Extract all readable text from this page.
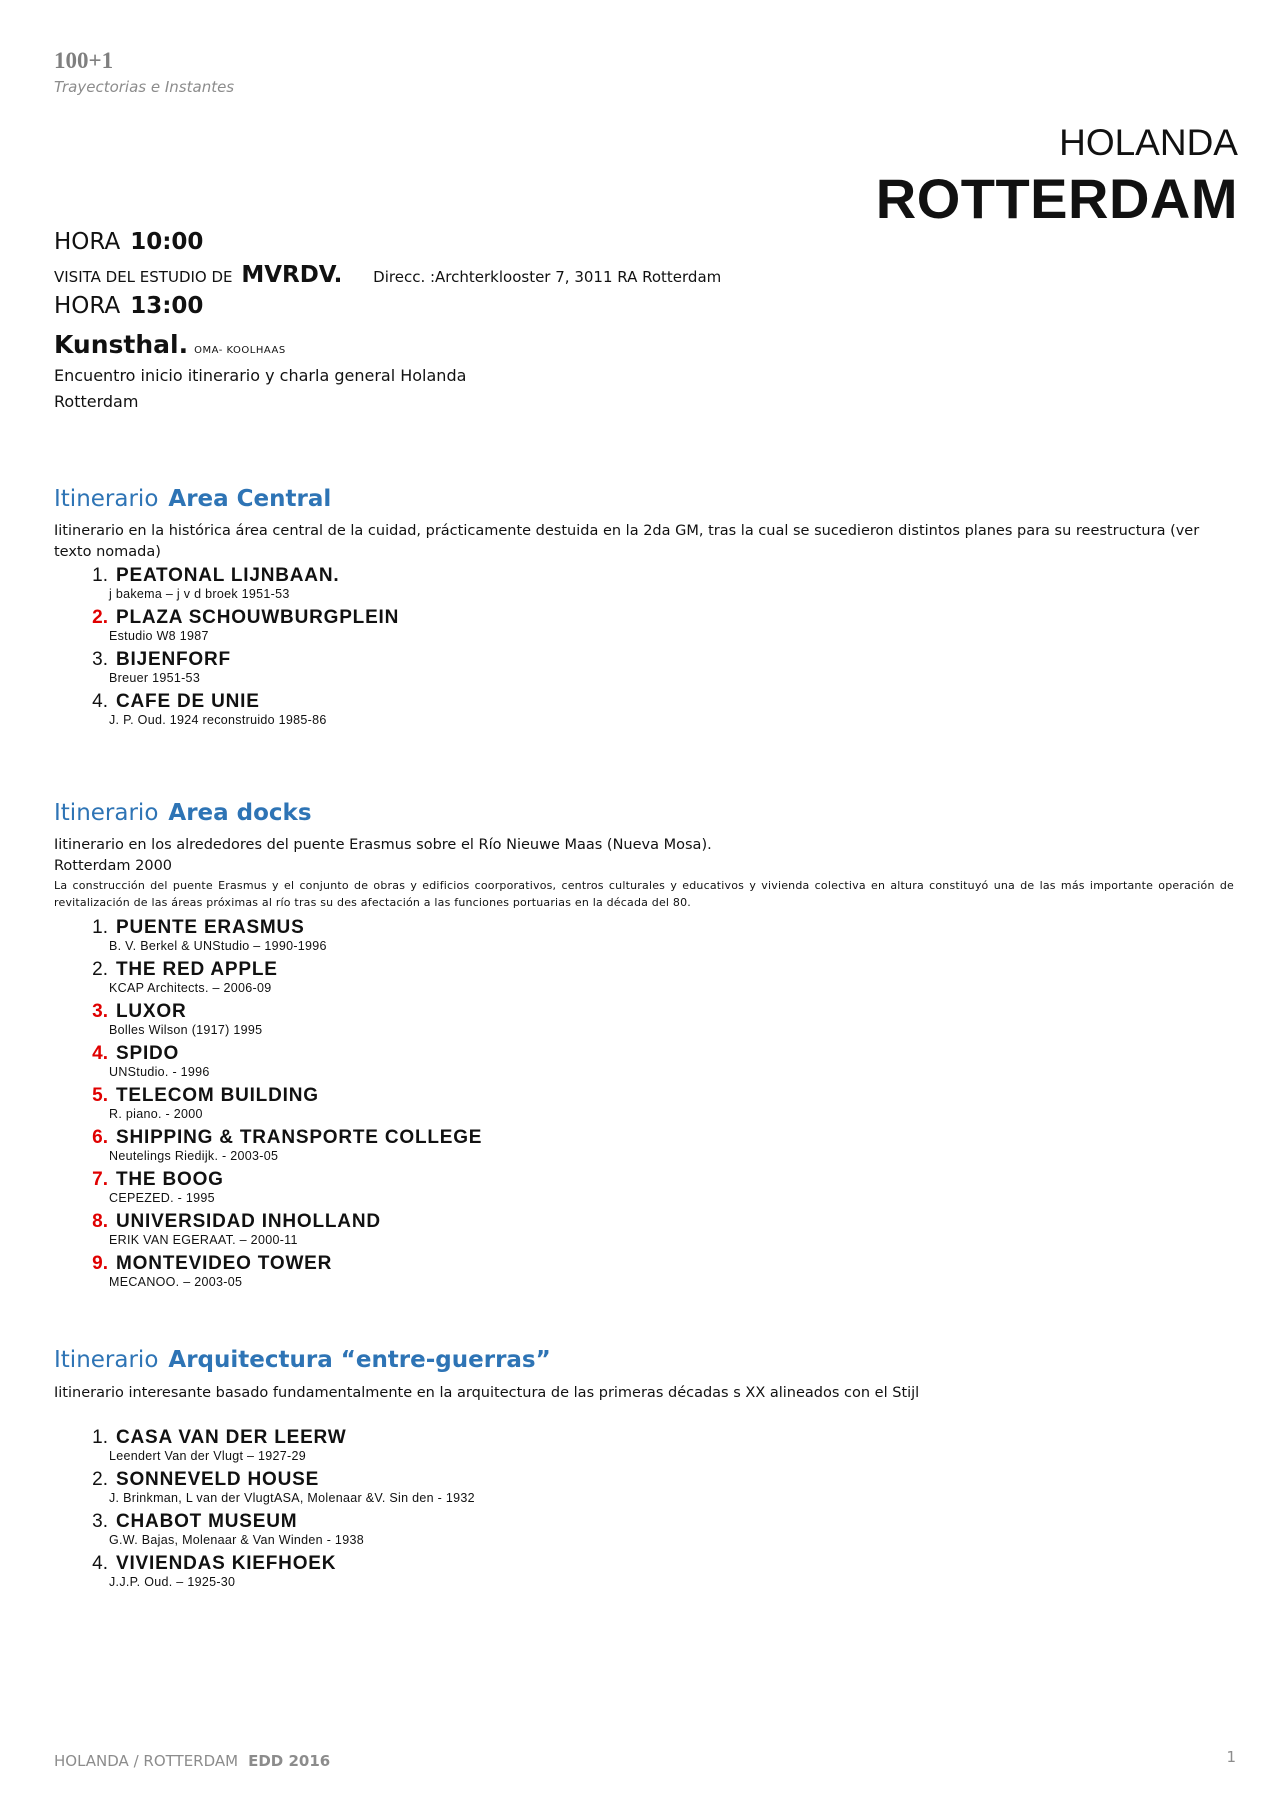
100+1
Trayectorias e Instantes
HOLANDA
ROTTERDAM
HORA 10:00
VISITA DEL ESTUDIO DE MVRDV. Direcc. :Archterklooster 7, 3011 RA Rotterdam
HORA 13:00
Kunsthal. OMA- KOOLHAAS
Encuentro inicio itinerario y charla general Holanda
Rotterdam
Itinerario Area Central
Iitinerario en la histórica área central de la cuidad, prácticamente destuida en la 2da GM, tras la cual se sucedieron distintos planes para su reestructura (ver texto nomada)
1. PEATONAL LIJNBAAN.
j bakema – j v d broek 1951-53
2. PLAZA SCHOUWBURGPLEIN
Estudio W8 1987
3. BIJENFORF
Breuer 1951-53
4. CAFE DE UNIE
J. P. Oud. 1924 reconstruido 1985-86
Itinerario Area docks
Iitinerario en los alrededores del puente Erasmus sobre el Río Nieuwe Maas (Nueva Mosa).
Rotterdam 2000
La construcción del puente Erasmus y el conjunto de obras y edificios coorporativos, centros culturales y educativos y vivienda colectiva en altura constituyó una de las más importante operación de revitalización de las áreas próximas al río tras su des afectación a las funciones portuarias en la década del 80.
1. PUENTE ERASMUS
B. V. Berkel & UNStudio – 1990-1996
2. THE RED APPLE
KCAP Architects. – 2006-09
3. LUXOR
Bolles Wilson (1917) 1995
4. SPIDO
UNStudio. - 1996
5. TELECOM BUILDING
R. piano. - 2000
6. SHIPPING & TRANSPORTE COLLEGE
Neutelings Riedijk. - 2003-05
7. THE BOOG
CEPEZED. - 1995
8. UNIVERSIDAD INHOLLAND
ERIK VAN EGERAAT. – 2000-11
9. MONTEVIDEO TOWER
MECANOO. – 2003-05
Itinerario Arquitectura “entre-guerras”
Iitinerario interesante basado fundamentalmente en la arquitectura de las primeras décadas s XX alineados con el Stijl
1. CASA VAN DER LEERW
Leendert Van der Vlugt – 1927-29
2. SONNEVELD HOUSE
J. Brinkman, L van der VlugtASA, Molenaar &V. Sin den - 1932
3. CHABOT MUSEUM
G.W. Bajas, Molenaar & Van Winden - 1938
4. VIVIENDAS KIEFHOEK
J.J.P. Oud. – 1925-30
HOLANDA / ROTTERDAM EDD 2016	1
